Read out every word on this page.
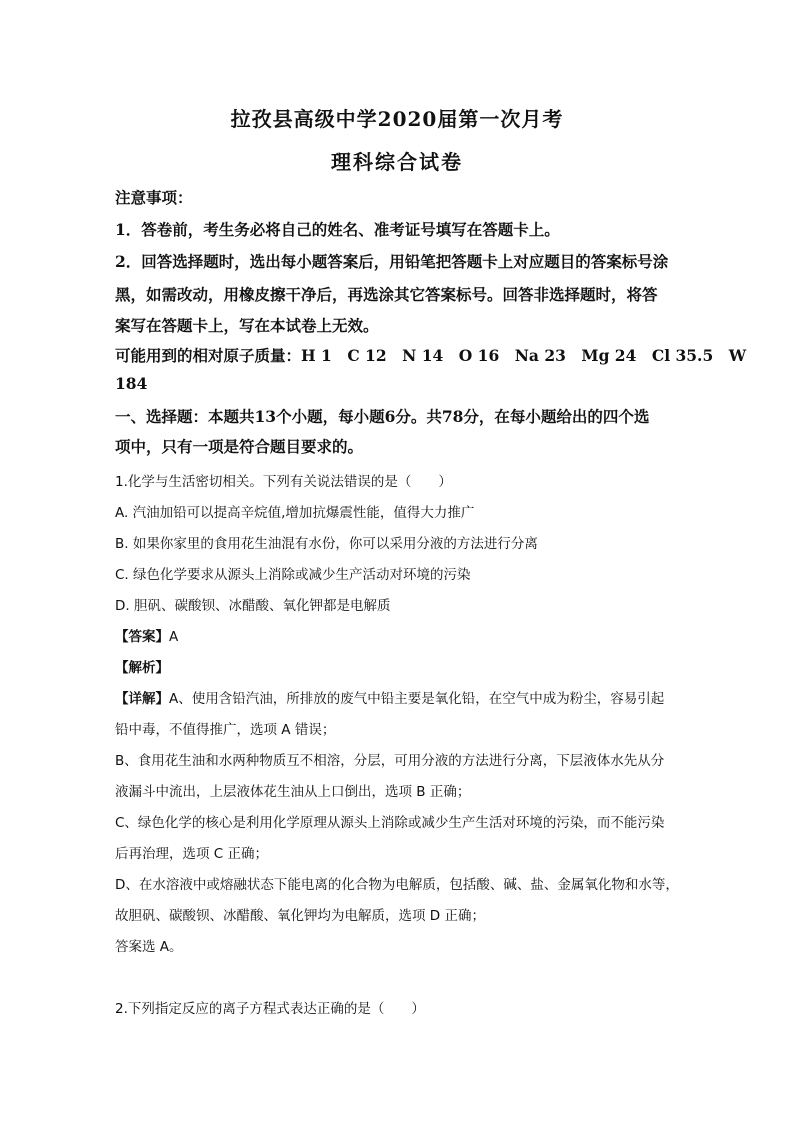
拉孜县高级中学2020届第一次月考
理科综合试卷
注意事项：
1．答卷前，考生务必将自己的姓名、准考证号填写在答题卡上。
2．回答选择题时，选出每小题答案后，用铅笔把答题卡上对应题目的答案标号涂
黑，如需改动，用橡皮擦干净后，再选涂其它答案标号。回答非选择题时，将答
案写在答题卡上，写在本试卷上无效。
可能用到的相对原子质量：H 1　C 12　N 14　O 16　Na 23　Mg 24　Cl 35.5　W
184
一、选择题：本题共13个小题，每小题6分。共78分，在每小题给出的四个选
项中，只有一项是符合题目要求的。
1.化学与生活密切相关。下列有关说法错误的是（　　）
A. 汽油加铅可以提高辛烷值,增加抗爆震性能，值得大力推广
B. 如果你家里的食用花生油混有水份，你可以采用分液的方法进行分离
C. 绿色化学要求从源头上消除或减少生产活动对环境的污染
D. 胆矾、碳酸钡、冰醋酸、氧化钾都是电解质
【答案】A
【解析】
【详解】A、使用含铅汽油，所排放的废气中铅主要是氧化铅，在空气中成为粉尘，容易引起
铅中毒，不值得推广，选项 A 错误；
B、食用花生油和水两种物质互不相溶，分层，可用分液的方法进行分离，下层液体水先从分
液漏斗中流出，上层液体花生油从上口倒出，选项 B 正确；
C、绿色化学的核心是利用化学原理从源头上消除或减少生产生活对环境的污染，而不能污染
后再治理，选项 C 正确；
D、在水溶液中或熔融状态下能电离的化合物为电解质，包括酸、碱、盐、金属氧化物和水等，
故胆矾、碳酸钡、冰醋酸、氧化钾均为电解质，选项 D 正确；
答案选 A。
2.下列指定反应的离子方程式表达正确的是（　　）
